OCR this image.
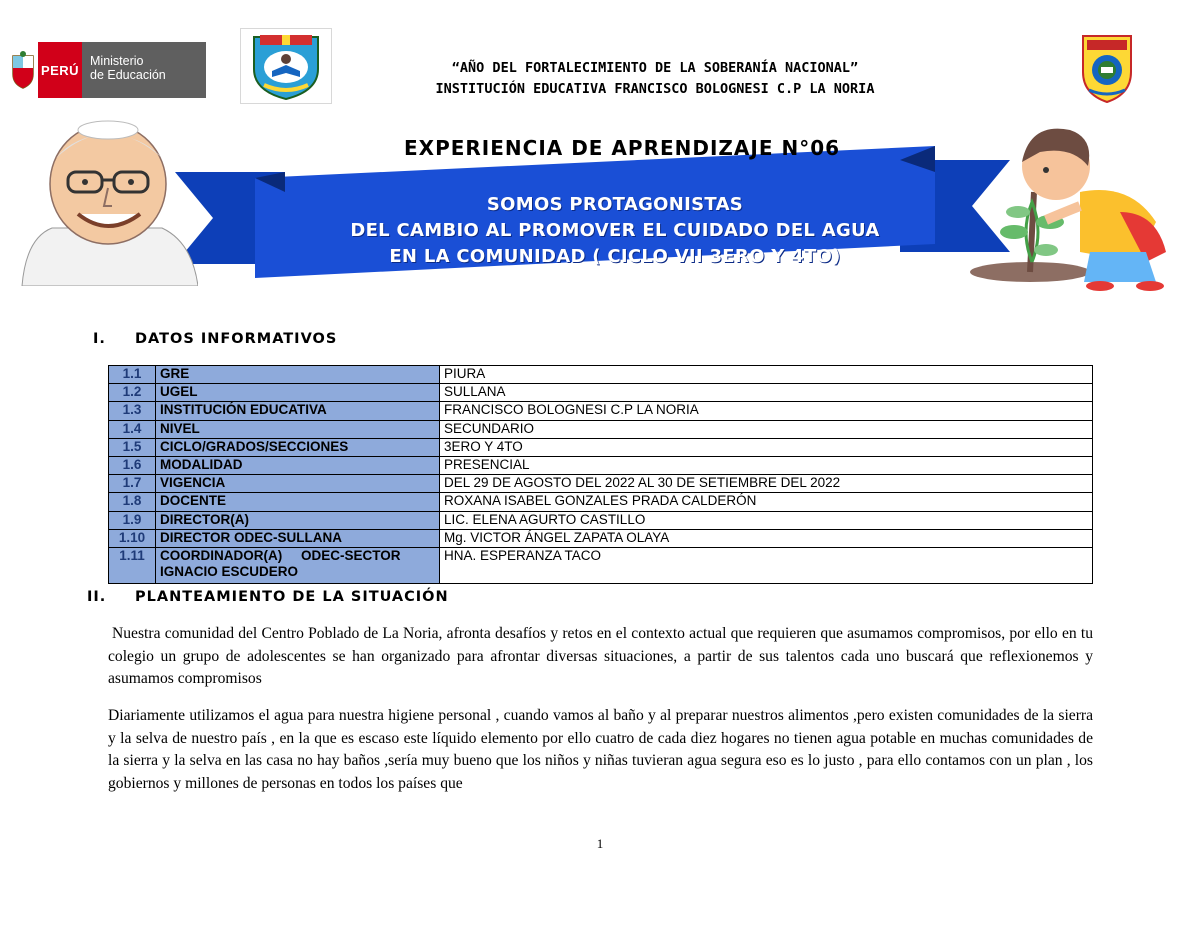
PERÚ
Ministerio
de Educación	“AÑO DEL FORTALECIMIENTO DE LA SOBERANÍA NACIONAL”
INSTITUCIÓN EDUCATIVA FRANCISCO BOLOGNESI C.P LA NORIA
EXPERIENCIA DE APRENDIZAJE N°06
SOMOS PROTAGONISTAS
DEL CAMBIO AL PROMOVER EL CUIDADO DEL AGUA
EN LA COMUNIDAD ( CICLO VII 3ERO Y 4TO)
I. DATOS INFORMATIVOS
1.1	GRE	PIURA
1.2	UGEL	SULLANA
1.3	INSTITUCIÓN EDUCATIVA	FRANCISCO BOLOGNESI C.P LA NORIA
1.4	NIVEL	SECUNDARIO
1.5	CICLO/GRADOS/SECCIONES	3ERO Y 4TO
1.6	MODALIDAD	PRESENCIAL
1.7	VIGENCIA	DEL 29 DE AGOSTO DEL 2022 AL 30 DE SETIEMBRE DEL 2022
1.8	DOCENTE	ROXANA ISABEL GONZALES PRADA CALDERÓN
1.9	DIRECTOR(A)	LIC. ELENA AGURTO CASTILLO
1.10	DIRECTOR ODEC-SULLANA	Mg. VICTOR ÁNGEL ZAPATA OLAYA
1.11	COORDINADOR(A)     ODEC-SECTOR
IGNACIO ESCUDERO	HNA. ESPERANZA TACO
II. PLANTEAMIENTO DE LA SITUACIÓN

Nuestra comunidad del Centro Poblado de La Noria, afronta desafíos y retos en el contexto actual que requieren que asumamos compromisos, por ello en tu colegio un grupo de adolescentes se han organizado para afrontar diversas situaciones, a partir de sus talentos cada uno buscará que reflexionemos y asumamos compromisos

Diariamente utilizamos el agua para nuestra higiene personal , cuando vamos al baño y al preparar nuestros alimentos ,pero existen comunidades de la sierra y la selva de nuestro país , en la que es escaso este líquido elemento por ello cuatro de cada diez hogares no tienen agua potable en muchas comunidades de la sierra y la selva en las casa no hay baños ,sería muy bueno que los niños y niñas tuvieran agua segura eso es lo justo , para ello contamos con un plan , los gobiernos y millones de personas en todos los países que

1
